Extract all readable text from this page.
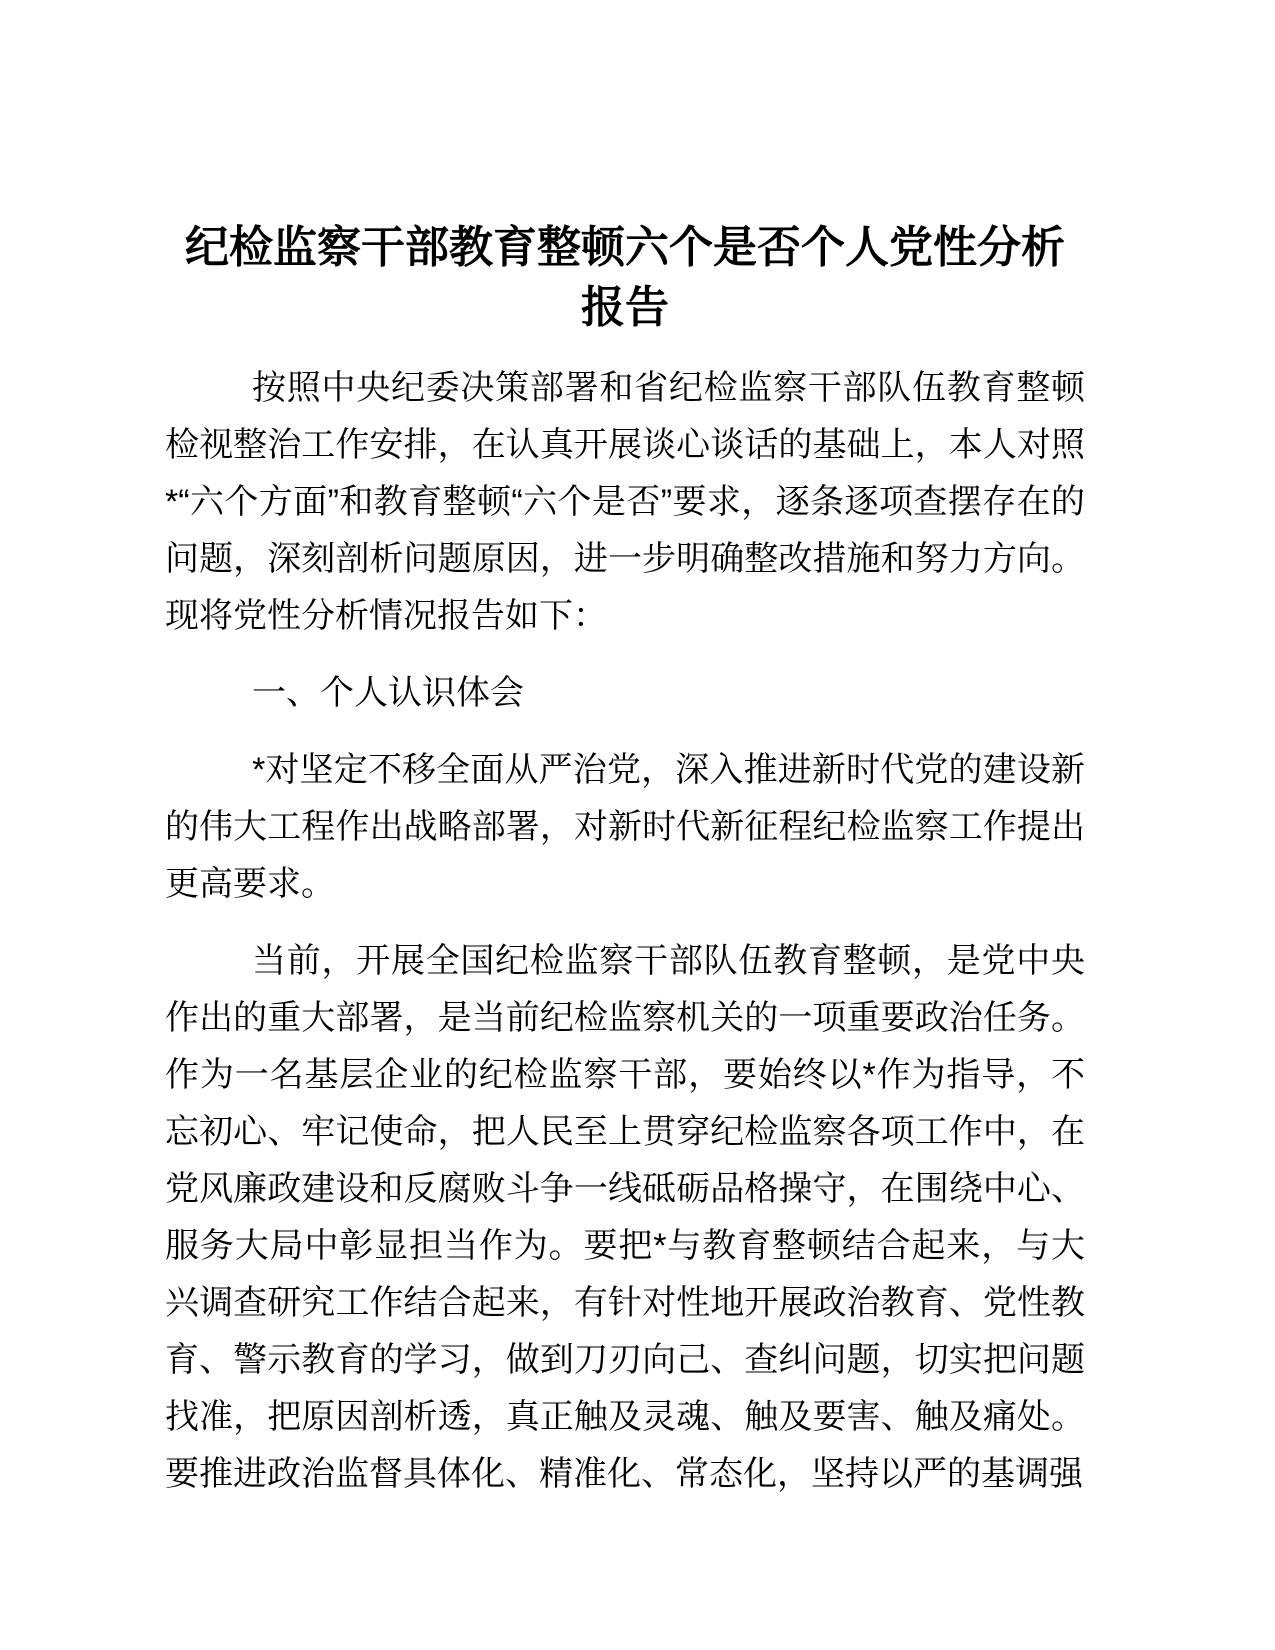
纪检监察干部教育整顿六个是否个人党性分析报告

按照中央纪委决策部署和省纪检监察干部队伍教育整顿检视整治工作安排，在认真开展谈心谈话的基础上，本人对照*“六个方面”和教育整顿“六个是否”要求，逐条逐项查摆存在的问题，深刻剖析问题原因，进一步明确整改措施和努力方向。现将党性分析情况报告如下：

一、个人认识体会

*对坚定不移全面从严治党，深入推进新时代党的建设新的伟大工程作出战略部署，对新时代新征程纪检监察工作提出更高要求。

当前，开展全国纪检监察干部队伍教育整顿，是党中央作出的重大部署，是当前纪检监察机关的一项重要政治任务。作为一名基层企业的纪检监察干部，要始终以*作为指导，不忘初心、牢记使命，把人民至上贯穿纪检监察各项工作中，在党风廉政建设和反腐败斗争一线砥砺品格操守，在围绕中心、服务大局中彰显担当作为。要把*与教育整顿结合起来，与大兴调查研究工作结合起来，有针对性地开展政治教育、党性教育、警示教育的学习，做到刀刃向己、查纠问题，切实把问题找准，把原因剖析透，真正触及灵魂、触及要害、触及痛处。要推进政治监督具体化、精准化、常态化，坚持以严的基调强
